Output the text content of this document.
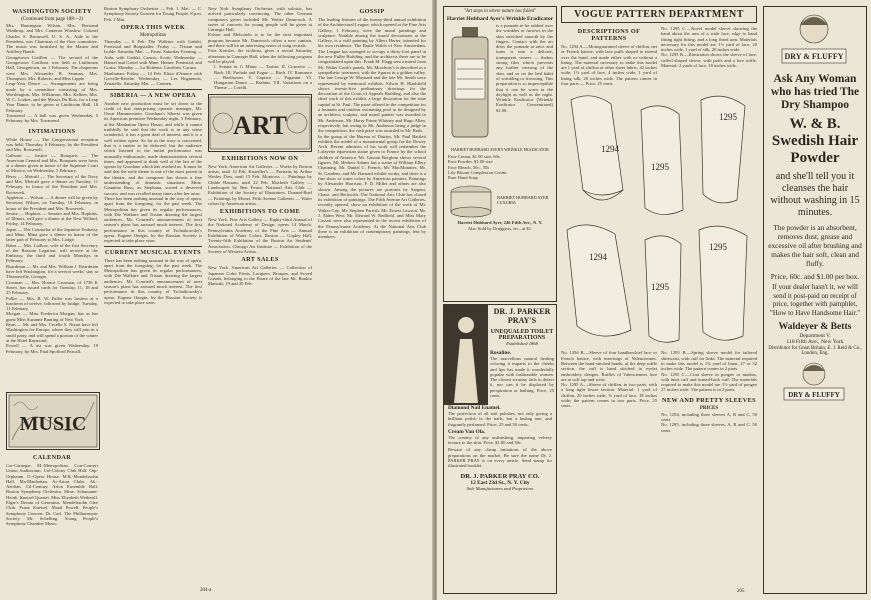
WASHINGTON SOCIETY
(Continued from page 188—2)
Mrs. Huntington Wilson, Mrs. Bertrand Winthrop, and Mrs. Cameron Winslow. Colonel Charles S. Bromwell, U. S. A., Aide to the President, was Chairman of the floor committee. The music was furnished by the Marine and Artillery Bands.
Georgetown Cotillon — The second of the Georgetown Cotillons was held at Linthicum Hall, Georgetown, on 1 February. The chaperons were Mrs. Alexander B. Seaman, Mrs. Thompson, Mrs. Roberts, and Miss Lipple.
Leap-Year Dance — Arrangements are being made by a committee consisting of Mrs. Worthington, Mrs. Wilkinson, Mrs. Kellner, Mrs. W. C. Looker, and the Misses Du Bois, for a Leap Year Dance, to be given at Linthicum Hall, 18 February.
Townsend — A ball was given Wednesday, 5 February, by Mrs. Townsend.
INTIMATIONS
White House — The Congressional reception was held, Thursday, 6 February, by the President and Mrs. Roosevelt.
Calhoun — Justice — Bouquets — The American General and Mrs. Bouquets were hosts at a dinner given in honor of the Supreme Court of Mexico, on Wednesday, 5 February.
Berry — Metcalf — The Secretary of the Navy and Mrs. Metcalf gave a dinner on Tuesday, 11 February, in honor of the President and Mrs. Roosevelt.
Appleton — Wilson — A dinner will be given by Secretary Wilson, on Tuesday, 18 February, in honor of the President and Mrs. Roosevelt.
Sesate — Hopkins — Senator and Mrs. Hopkins, of Illinois, will give a dinner at the New Willard, Friday, 14 February.
Japan — The Counselor of the Japanese Embassy and Mme. Mina gave a dinner in honor of the latter part of February to Mrs. Lodge.
Batea — Mrs. Ludlow, wife of the first Secretary of the Russian Legation, will receive at the Embassy, the third and fourth Mondays in February.
Boardman — Mr. and Mrs. William J. Boardman have left Washington, for a several weeks' stay at Thomasville, Georgia.
Crosman — Mrs. Horace Crosman, of 1736 K Street, has issued cards for Tuesday, 11, 18 and 25 February.
Fuller — Mrs. R. W. Fuller was hostess at a luncheon of twelve, followed by bridge, Tuesday, 11 February.
Morgan — Miss Frederica Morgan, has as her guest Miss Suzanne Bunting of New York.
Ryan — Mr. and Mrs. Cecelle S. Nixon have left Washington for Europe, where they will join in a small party, and will spend a portion of the winter at the Hotel Raymond.
Powell — A tea was given Wednesday, 19 February, by Mrs. Paul Spofford Peacall.
MUSIC
CALENDAR
Car-Carnegie. M.-Metropolitan. Con-Concert Union Auditorium. Col-Colony Club Hall. Orp-Orpheum. O.-Opera House. M.R.-Mendelssohn Hall. Ma-Manhattan. Ar-Arion Clubs. Ak.-Aeolian. Ctl-Century. Arion Ensemble Hall. Boston Symphony Orchestra. Mme. Schumann-Heink. Kneisel Quartet. Miss Elizabeth Wetherill. Elgar's Dream of Gerontius. Mendelssohn Glee Club. Franz Kneisel. Maud Powell. People's Symphony Concert. Dr. Carl. The Philharmonic Society. Mr. Schelling. Young People's Symphony Chamber Music.
Boston Symphony Orchestra — Feb. 1. Mat. — C. Symphony Society Concert for Young People, 8 p.m. Feb. 2 Mat.
OPERA THIS WEEK
Metropolitan
Thursday — 6 Feb. Die Walküre with Gadski, Fremstad and Burgstaller. Friday — Tristan und Isolde. Saturday Mat. — Faust. Saturday Evening — Aida, with Gadski, Caruso, Scotti. Wednesday — Hänsel und Gretel with Mme. Homer, Fremstad, and Goritz. Monday — La Bohème, Cavalieri, Caruso.
Manhattan: Friday — 14 Feb. Elixir d'Amore with Gerville-Réache. Wednesday — Les Huguenots, Zenatello. Saturday Mat. — Carmen.
SIBERIA — A NEW OPERA
Another new production must be set down to the credit of that enterprising operatic manager, Mr. Oscar Hammerstein. Giordano's Siberia was given its American premiere Wednesday night, 5 February, at the Manhattan Opera House, and while it cannot truthfully be said that the work is in any sense wonderful, it has a great deal of interest, and it is a well written opera. So far as the story is concerned, that is a matter to be deferred; but the audience which listened to the initial performance was unusually enthusiastic, made demonstrations several times, and appeared to think well of the last of the operas by Giordano which has reached us. It must be said that the exile theme is one of the most potent in the theater, and the composer has shown a fine understanding of dramatic situations. Mme. Giannina Russ, as Stephana, scored a deserved success, and was recalled many times after her arias.
There has been nothing unusual in the way of opera, apart from the foregoing, for the past week. The Metropolitan has given its regular performances, with Die Walküre and Tristan drawing the largest audiences. Mr. Conried's announcement of next season's plans has aroused much interest. The first performance in this country of Tschaikowsky's opera, Eugene Onegin, by the Russian Society is expected to take place soon.
CURRENT MUSICAL EVENTS
There has been nothing unusual in the way of opera, apart from the foregoing, for the past week. The Metropolitan has given its regular performances, with Die Walküre and Tristan drawing the largest audiences. Mr. Conried's announcement of next season's plans has aroused much interest. The first performance in this country of Tschaikowsky's opera, Eugene Onegin, by the Russian Society is expected to take place soon.
New York Symphony Orchestra, with soloists, has arrived particularly convincing. The other German composers given included Mr. Walter Damrosch. A series of concerts for young people will be given at Carnegie Hall.
Polson and Melcondo is to be the next important program because Mr. Damrosch offers a new cantata, and there will be an interesting series of song recitals.
Fritz Kreisler, the violinist, gives a recital Saturday afternoon in Carnegie Hall, when the following program will be played:
I. Sonata in G Minor — Tartini. II. Concerto — Bach. III. Prelude and Fugue — Bach. IV. Romance — Beethoven. V. Caprice — Paganini. VI. Hungarian Dance — Brahms. VII. Variations on a Theme — Corelli.
ART
EXHIBITIONS NOW ON
New York. American Art Galleries — Works by Boston artists, until 14 Feb. Knoedler's — Portraits by Arthur Wesley Dow, until 15 Feb. Montross — Paintings by Childe Hassam, until 22 Feb. Macbeth Gallery — Landscapes by Ben Foster. National Arts Club — Exhibition of the Society of Illustrators. Durand-Ruel — Paintings by Monet. Fifth Avenue Galleries — Water colors by American artists.
EXHIBITIONS TO COME
New York. Fine Arts Gallery — Eighty-third Annual of the National Academy of Design, opens 14 March. Pennsylvania Academy of the Fine Arts — Annual Exhibition of Water Colors. Boston — Copley Hall, Twenty-fifth Exhibition of the Boston Art Students' Association. Chicago Art Institute — Exhibition of the Society of Western Artists.
ART SALES
New York. American Art Galleries — Collection of Japanese Color Prints, Lacquers, Bronzes, and Sword Guards, belonging to the Estate of the late Mr. Bunkio Matsuki, 19 and 20 Feb.
GOSSIP
The leading features of the twenty-third annual exhibition of the Architectural League, which opened at the Fine Arts Gallery, 1 February, were the mural paintings and sculpture. Notable among the mural decorations at the Gallery, is a wall painting by Albert Herter, intended for his own residence. The Battle Watch of New Amsterdam. The League has arranged to occupy a thirty-foot panel in the new Fuller Building, and the architects there are to be congratulated upon this. Frank M. Flagg sent a mural from Mr. Walter Cook's panels. Mr. Mowbray's is described as a sympathetic treatment, with the figures in a golden valley. The late George W. Maynard and the late Mr. Smith were represented by memorial exhibits. Edwin H. Blashfield shows twenty-five preliminary drawings for the decoration of the Court of Appeals Building, and also the chief work of this exhibit, a large decoration for the state capitol at St. Paul. The prize offered in the competition for a fountain and outdoor swimming pool to be designed by an architect, sculptor, and mural painter was awarded to Mr. Anderson, Mr. Harry Prime Whitney and Hugo Allen, respectively, but owing to Mr. Anderson being a judge in the competition, the cash prize was awarded to Mr. Roth.
In the group of the Bureau of Dairies, Mr. Paul Bartlett exhibits the model of a monumental group for the Dewey Arch. Recent admirers of his work will remember the Lafayette equestrian statue given to France by the school children of America. Mr. Gutzon Borglum shows several figures. Mr. Herbert Adams has a statue of William Ellery Channing. Mr. Daniel C. French, Mr. MacMonnies, Mr. St. Gaudens, and Mr. Barnard exhibit works, and there is a fine show of water colors by American painters. Paintings by Alexander Harrison, F. D. Millet and others are also shown. Among the pictures are portraits by Sargent, Chase, and Beckwith. The National Arts Club has closed its exhibition of paintings. The Fifth Avenue Art Galleries, recently opened, show an exhibition of the work of Mr. Walter Gay. Mr. Stephen Parrish, Mr. Ernest Lawson, Mr. J. Alden Weir, Mr. Edward W. Redfield, and Miss Mary Cassatt were also represented in the recent exhibition of the Pennsylvania Academy. At the National Arts Club there is an exhibition of contemporary paintings, lent by members.
204-a
"Art steps in where nature has failed"
Harriet Hubbard Ayer's Wrinkle Eradicator
is a pomade to be rubbed over the wrinkles or furrows in the skin stretched smooth by the fingers. Contact with the air dries the pomade at once and turns it into a delicate, transparent veneer — thehos strong film which prevents any further creasing of the skin, and so on the bed habit of wrinkling or frowning. This preparation is so imperceptible that it can be worn in the daylight as well as the night. Wrinkle Eradicator (Wrinkle Eradicator Concentrated) $1.00.
HARRIET HUBBARD AYER'S WRINKLE ERADICATOR
Face Cream, $1.00 size, 60c.
Face Powder, $1.00 size
Face Bleach, 50c., 5lb
Lily Bloom Complexion Cream
Pure Hand Soap
HARRIET HUBBARD AYER LUXURIA
Harriet Hubbard Ayer, 246 Fifth Ave., N. Y.
Also Sold by Druggists, etc., at $1.
DR. J. PARKER PRAY'S
UNEQUALED TOILET PREPARATIONS
Established 1868
Rosaline.
The marvellous natural healing coloring it imparts to the cheeks and lips has made it wonderfully popular with fashionable women. The closest scrutiny fails to detect it, nor can it be displaced by perspiration or bathing. Price, 25 cents.
Diamond Nail Enamel.
The perfection of all nail polishes, not only giving a brilliant polish to the nails, but a lasting one, and fragrantly perfumed. Price, 25 and 50 cents.
Cream Van Ola.
The creamy of any unfinishing, imparting velvety texture to the skin. Price, $1.00 and 50c.
Beware of any cheap imitations of the above preparations on the market. Be sure the name Dr. J. PARKER PRAY is on every article. Send stamp for illustrated booklet.
DR. J. PARKER PRAY CO.
12 East 23d St., N. Y. City
Sole Manufacturers and Proprietors
VOGUE PATTERN DEPARTMENT
DESCRIPTIONS OF PATTERNS
No. 1294 A.—Monogrammed sleeve of chiffon, net or French batiste, with lace puffs shaped to extend over the hand, and made either with or without a lining. The material necessary to make this model are 1 yard of chiffon or other sheer fabric, 42 inches wide; 1½ yard of lace, 4 inches wide, 1 yard of lining silk, 20 inches wide. The pattern comes in four parts — Price, 25 cents.
No. 1295 C.—Novel model sleeve showing the band about the arm of a wide lace, edge to hand fitting tight fitting, and a long fitted arm. Materials necessary for this model are 1½ yard of lace, 20 inches wide, 1 yard of silk, 20 inches wide.
No. 1295 B.—Illustration shows the sleeve of lace, cuffed shaped sleeve, with puffs and a lace ruffle. Material: 2 yards of lace, 18 inches wide.
1294
1295
1295
1294
1295
1295
No. 1294 B.—Sleeve of four handkerchief lace or French batiste, with insertings of Valenciennes. Between the hand-stitched bands, of the deep ruffle section, the cuff is hand stitched in eyelet embroidery designs. Ruffles of Valenciennes lace are at cuff top and wrist.
No. 1295 A.—Sleeve of chiffon, in two parts, with a long tight lower section. Material: 1 yard of chiffon, 20 inches wide, ⅝ yard of lace, 18 inches wide; the pattern comes in two parts. Price, 25 cents.
No. 1295 B.—Spring sleeve model for tailored shirtwaist, with cuff for links. The material required to make this model is 1¾ yard of linen, 27 or 32 inches wide. The pattern comes in 2 parts.
No. 1295 C.—Coat sleeve in pongee or madras, with inset cuff and turned-back cuff. The materials required to make this model are 1½ yard of pongee 27 inches wide. The pattern is in 2 parts.
NEW AND PRETTY SLEEVES
PRICES
No. 1294, including three sleeves A, B and C, 50 cents
No. 1295, including three sleeves, A, B and C, 50 cents
DRY & FLUFFY
Ask Any Woman who has tried The Dry Shampoo
W. & B. Swedish Hair Powder
and she'll tell you it cleanses the hair without washing in 15 minutes.
The powder is an absorbent, removes dust, grease and excessive oil after brushing and makes the hair soft, clean and fluffy.
Price, 60c. and $1.00 per box.
If your dealer hasn't it, we will send it post-paid on receipt of price, together with pamphlet, "How to Have Handsome Hair."
Waldeyer & Betts
Department V.
110 Fifth Ave., New York
Distributor for Great Britain, E. J. Reid & Co., London, Eng.
DRY & FLUFFY
205
